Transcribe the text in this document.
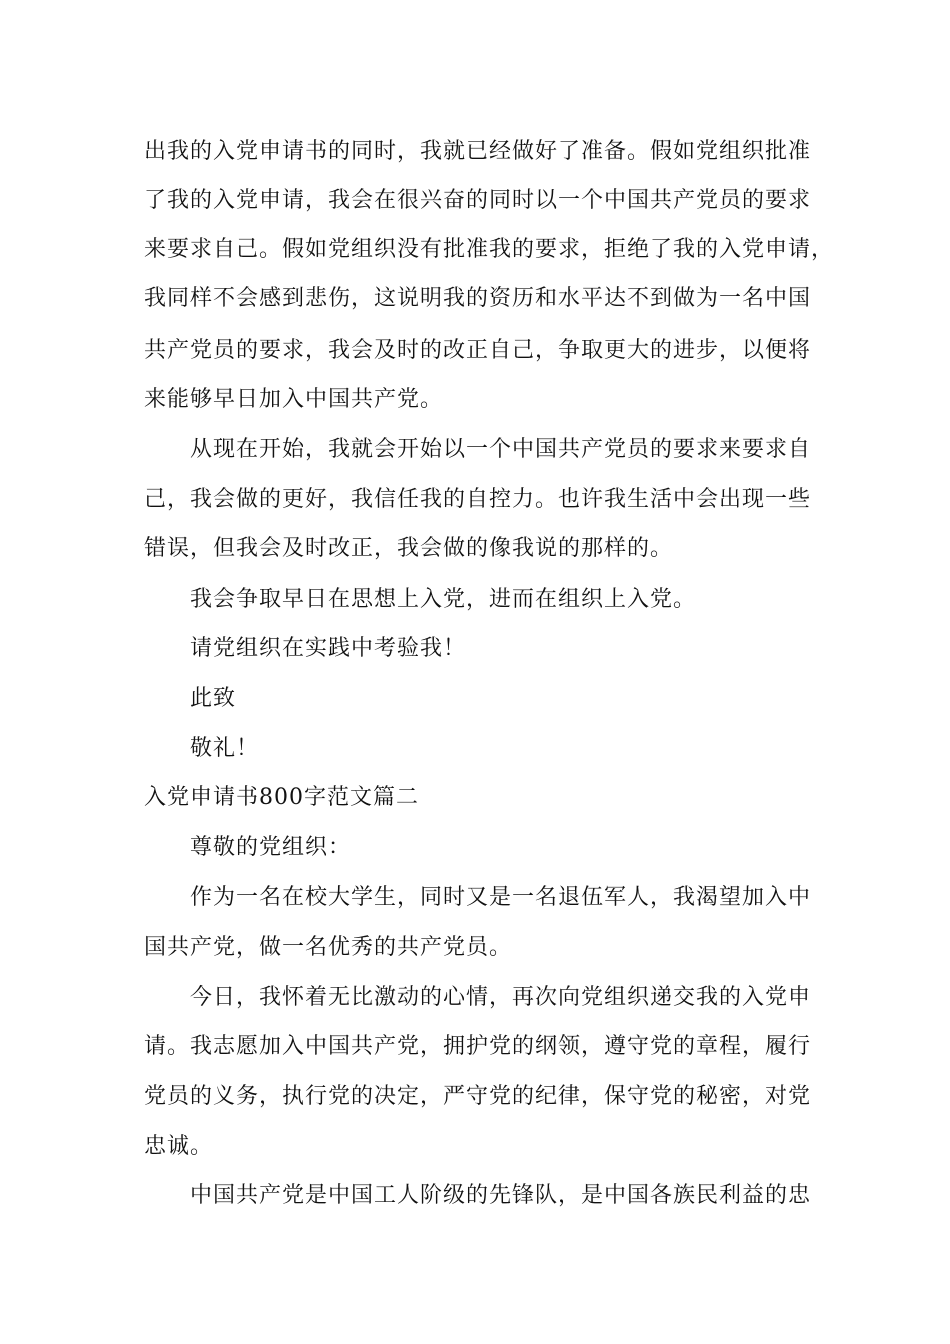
出我的入党申请书的同时，我就已经做好了准备。假如党组织批准
了我的入党申请，我会在很兴奋的同时以一个中国共产党员的要求
来要求自己。假如党组织没有批准我的要求，拒绝了我的入党申请，
我同样不会感到悲伤，这说明我的资历和水平达不到做为一名中国
共产党员的要求，我会及时的改正自己，争取更大的进步，以便将
来能够早日加入中国共产党。
从现在开始，我就会开始以一个中国共产党员的要求来要求自
己，我会做的更好，我信任我的自控力。也许我生活中会出现一些
错误，但我会及时改正，我会做的像我说的那样的。
我会争取早日在思想上入党，进而在组织上入党。
请党组织在实践中考验我！
此致
敬礼！
入党申请书800字范文篇二
尊敬的党组织：
作为一名在校大学生，同时又是一名退伍军人，我渴望加入中
国共产党，做一名优秀的共产党员。
今日，我怀着无比激动的心情，再次向党组织递交我的入党申
请。我志愿加入中国共产党，拥护党的纲领，遵守党的章程，履行
党员的义务，执行党的决定，严守党的纪律，保守党的秘密，对党
忠诚。
中国共产党是中国工人阶级的先锋队，是中国各族民利益的忠
